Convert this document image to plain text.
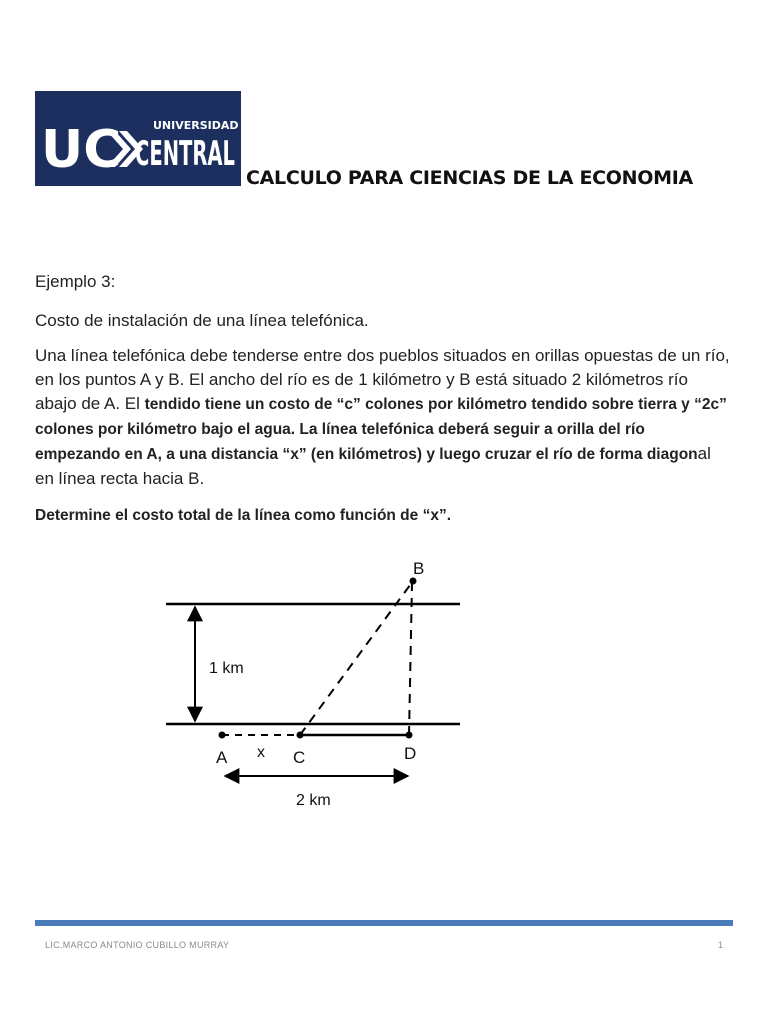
UC	UNIVERSIDAD
CENTRAL
CALCULO PARA CIENCIAS DE LA ECONOMIA
Ejemplo 3:
Costo de instalación de una línea telefónica.
Una línea telefónica debe tenderse entre dos pueblos situados en orillas opuestas de un río, en los puntos A y B. El ancho del río es de 1 kilómetro y B está situado 2 kilómetros río abajo de A. El tendido tiene un costo de “c” colones por kilómetro tendido sobre tierra y “2c” colones por kilómetro bajo el agua. La línea telefónica deberá seguir a orilla del río empezando en A, a una distancia “x” (en kilómetros) y luego cruzar el río de forma diagonal en línea recta hacia B.
Determine el costo total de la línea como función de “x”.
B
A x C	D
1 km
2 km
LIC.MARCO ANTONIO CUBILLO MURRAY	1
